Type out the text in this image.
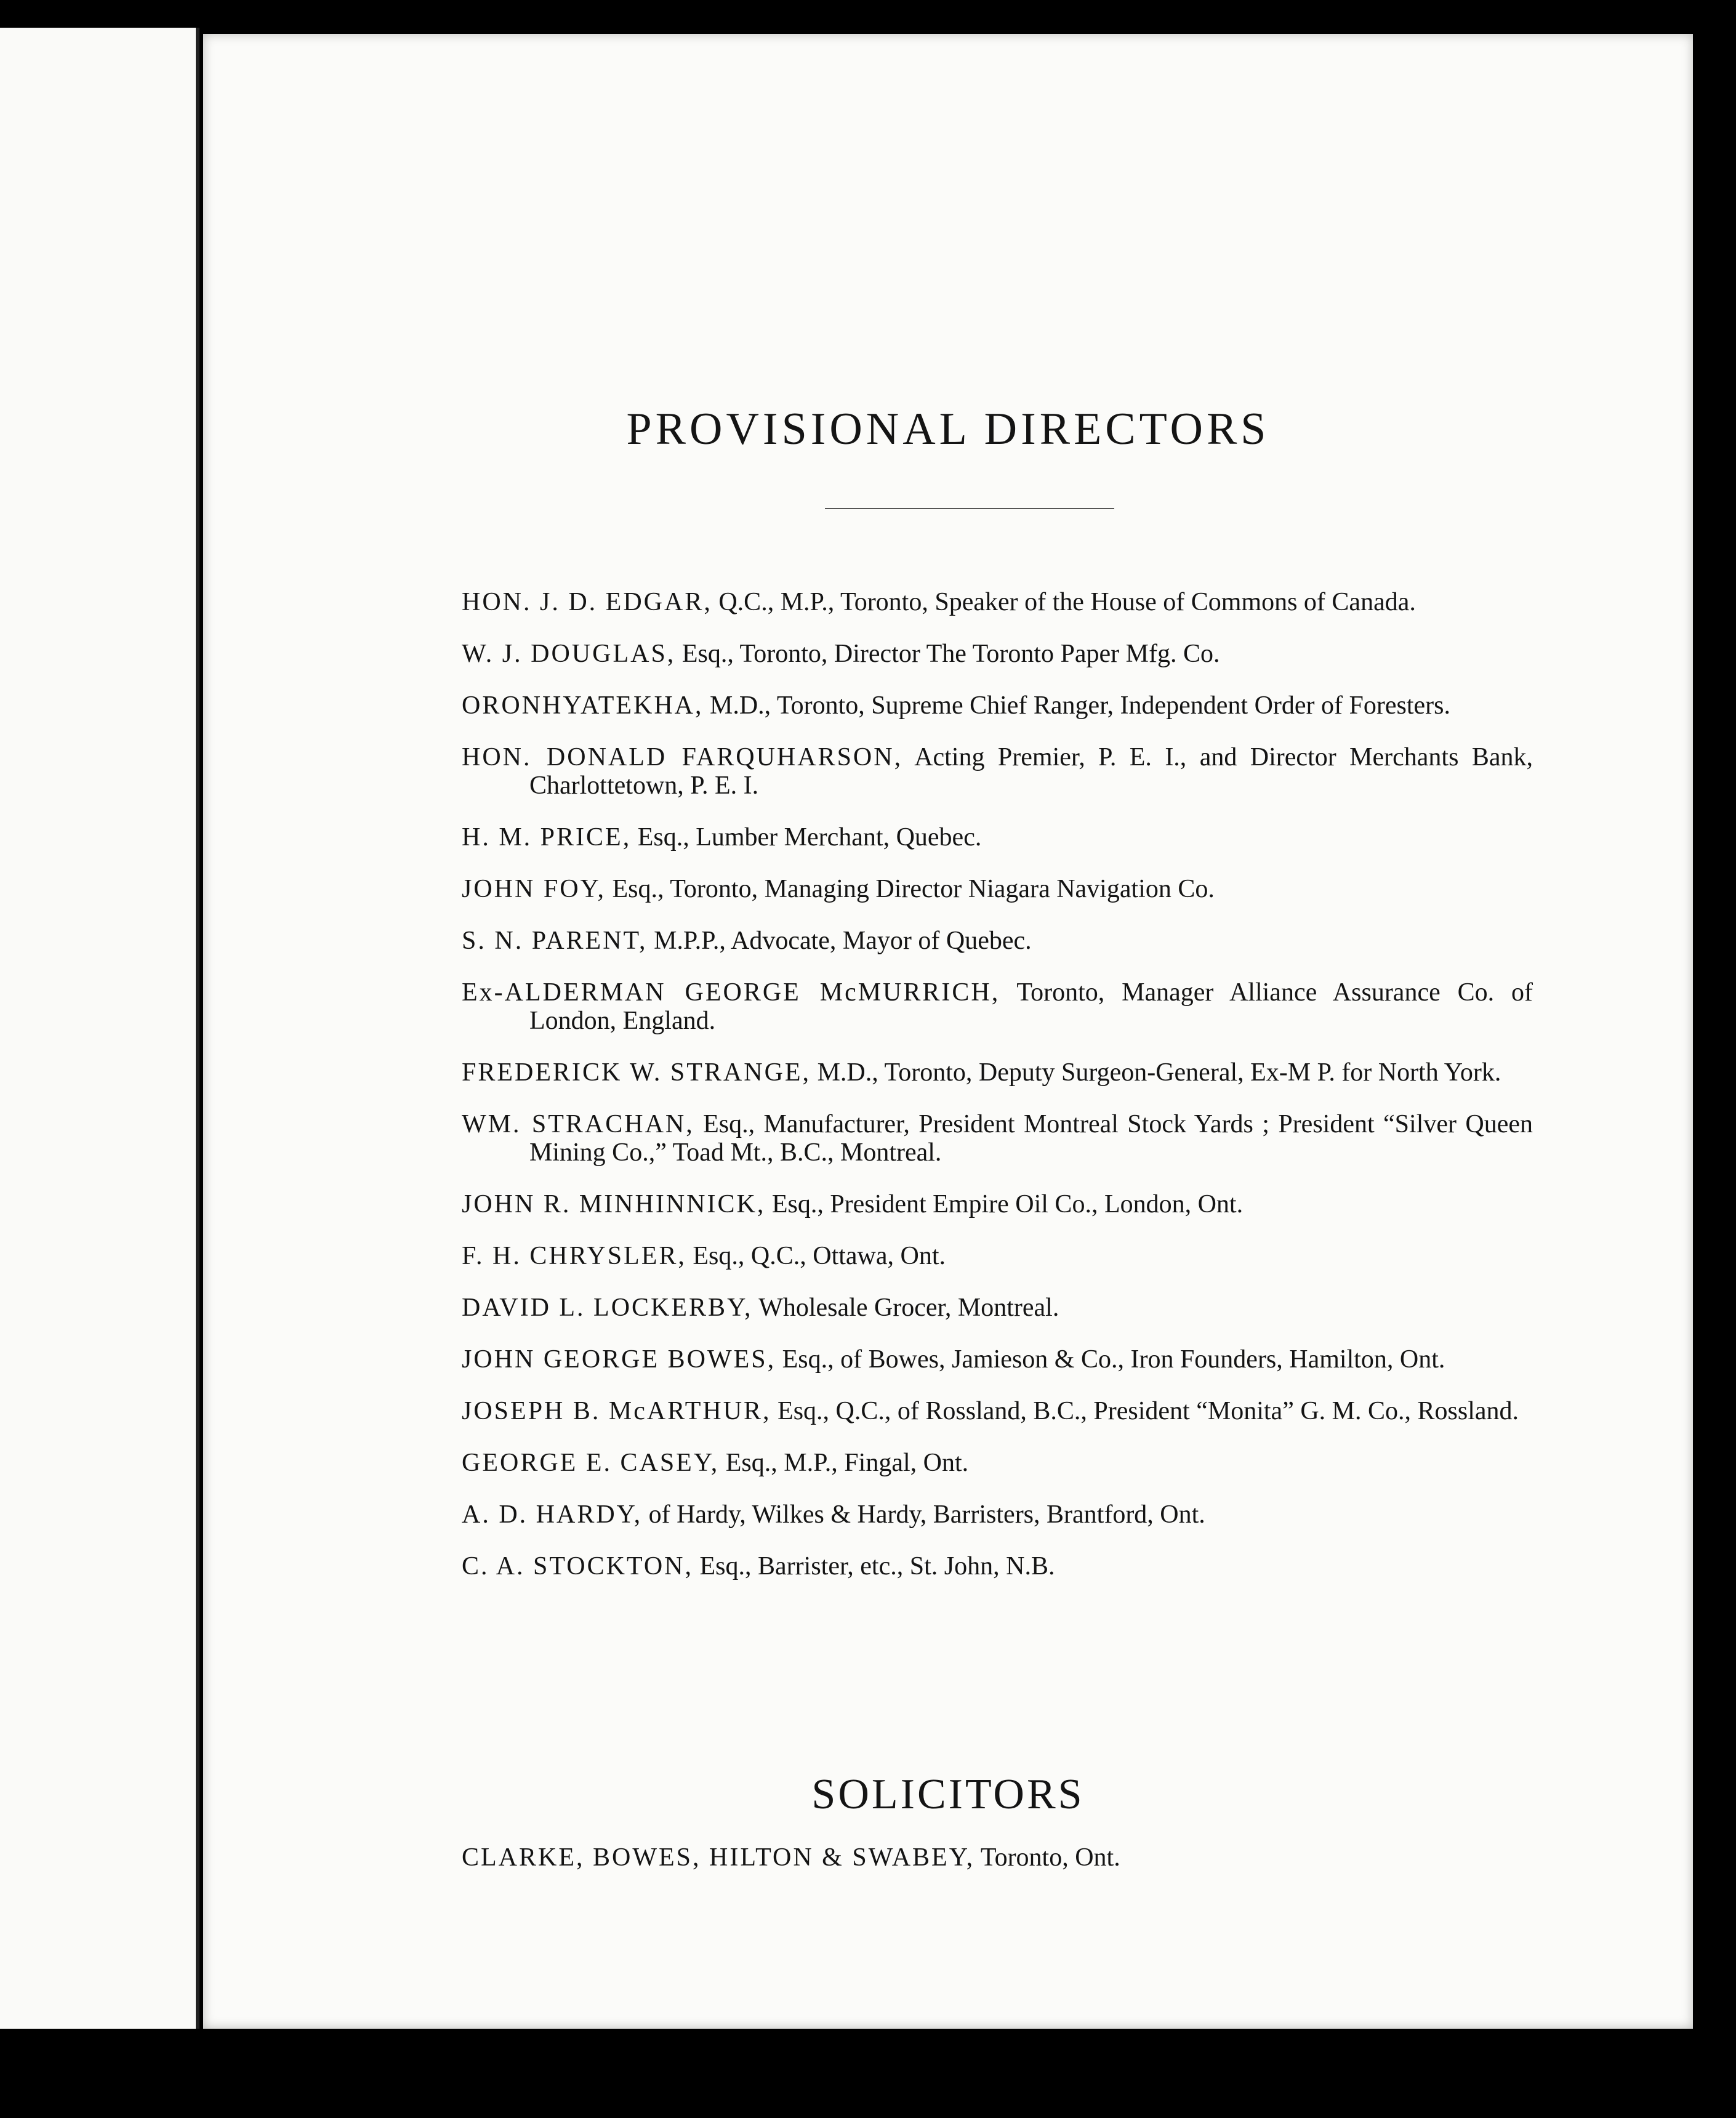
PROVISIONAL DIRECTORS
HON. J. D. EDGAR, Q.C., M.P., Toronto, Speaker of the House of Commons of Canada.
W. J. DOUGLAS, Esq., Toronto, Director The Toronto Paper Mfg. Co.
ORONHYATEKHA, M.D., Toronto, Supreme Chief Ranger, Independent Order of Foresters.
HON. DONALD FARQUHARSON, Acting Premier, P. E. I., and Director Merchants Bank, Charlottetown, P. E. I.
H. M. PRICE, Esq., Lumber Merchant, Quebec.
JOHN FOY, Esq., Toronto, Managing Director Niagara Navigation Co.
S. N. PARENT, M.P.P., Advocate, Mayor of Quebec.
Ex-ALDERMAN GEORGE McMURRICH, Toronto, Manager Alliance Assurance Co. of London, England.
FREDERICK W. STRANGE, M.D., Toronto, Deputy Surgeon-General, Ex-M P. for North York.
WM. STRACHAN, Esq., Manufacturer, President Montreal Stock Yards ; President “Silver Queen Mining Co.,” Toad Mt., B.C., Montreal.
JOHN R. MINHINNICK, Esq., President Empire Oil Co., London, Ont.
F. H. CHRYSLER, Esq., Q.C., Ottawa, Ont.
DAVID L. LOCKERBY, Wholesale Grocer, Montreal.
JOHN GEORGE BOWES, Esq., of Bowes, Jamieson & Co., Iron Founders, Hamilton, Ont.
JOSEPH B. McARTHUR, Esq., Q.C., of Rossland, B.C., President “Monita” G. M. Co., Rossland.
GEORGE E. CASEY, Esq., M.P., Fingal, Ont.
A. D. HARDY, of Hardy, Wilkes & Hardy, Barristers, Brantford, Ont.
C. A. STOCKTON, Esq., Barrister, etc., St. John, N.B.
SOLICITORS
CLARKE, BOWES, HILTON & SWABEY, Toronto, Ont.
